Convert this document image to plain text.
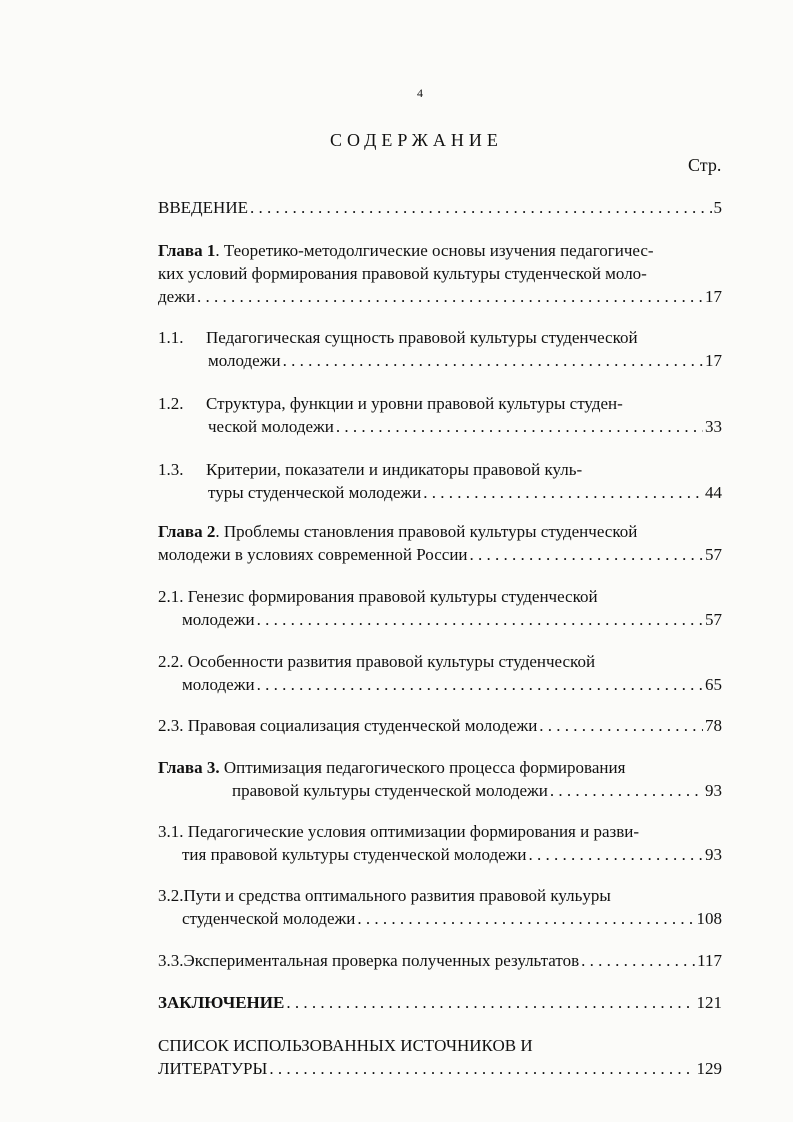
4
СОДЕРЖАНИЕ
Стр.
ВВЕДЕНИЕ . . .	5
Глава 1. Теоретико-методолгические основы изучения педагогичес-
ких условий формирования правовой культуры студенческой моло-
дежи . . .	17
1.1. Педагогическая сущность правовой культуры студенческой
молодежи . . .	17
1.2. Структура, функции и уровни правовой культуры студен-
ческой молодежи . . .	33
1.3. Критерии, показатели и индикаторы правовой куль-
туры студенческой молодежи . . .	44
Глава 2. Проблемы становления правовой культуры студенческой
молодежи в условиях современной России . . .	57
2.1. Генезис формирования правовой культуры студенческой
молодежи . . .	57
2.2. Особенности развития правовой культуры студенческой
молодежи . . .	65
2.3. Правовая социализация студенческой молодежи . . .	78
Глава 3. Оптимизация педагогического процесса формирования
правовой культуры студенческой молодежи . . .	93
3.1. Педагогические условия оптимизации формирования и разви-
тия правовой культуры студенческой молодежи . . .	93
3.2.Пути и средства оптимального развития правовой кульуры
студенческой молодежи . . .	108
3.3.Экспериментальная проверка полученных результатов . . .	117
ЗАКЛЮЧЕНИЕ . . .	121
СПИСОК ИСПОЛЬЗОВАННЫХ ИСТОЧНИКОВ И
ЛИТЕРАТУРЫ . . .	129
